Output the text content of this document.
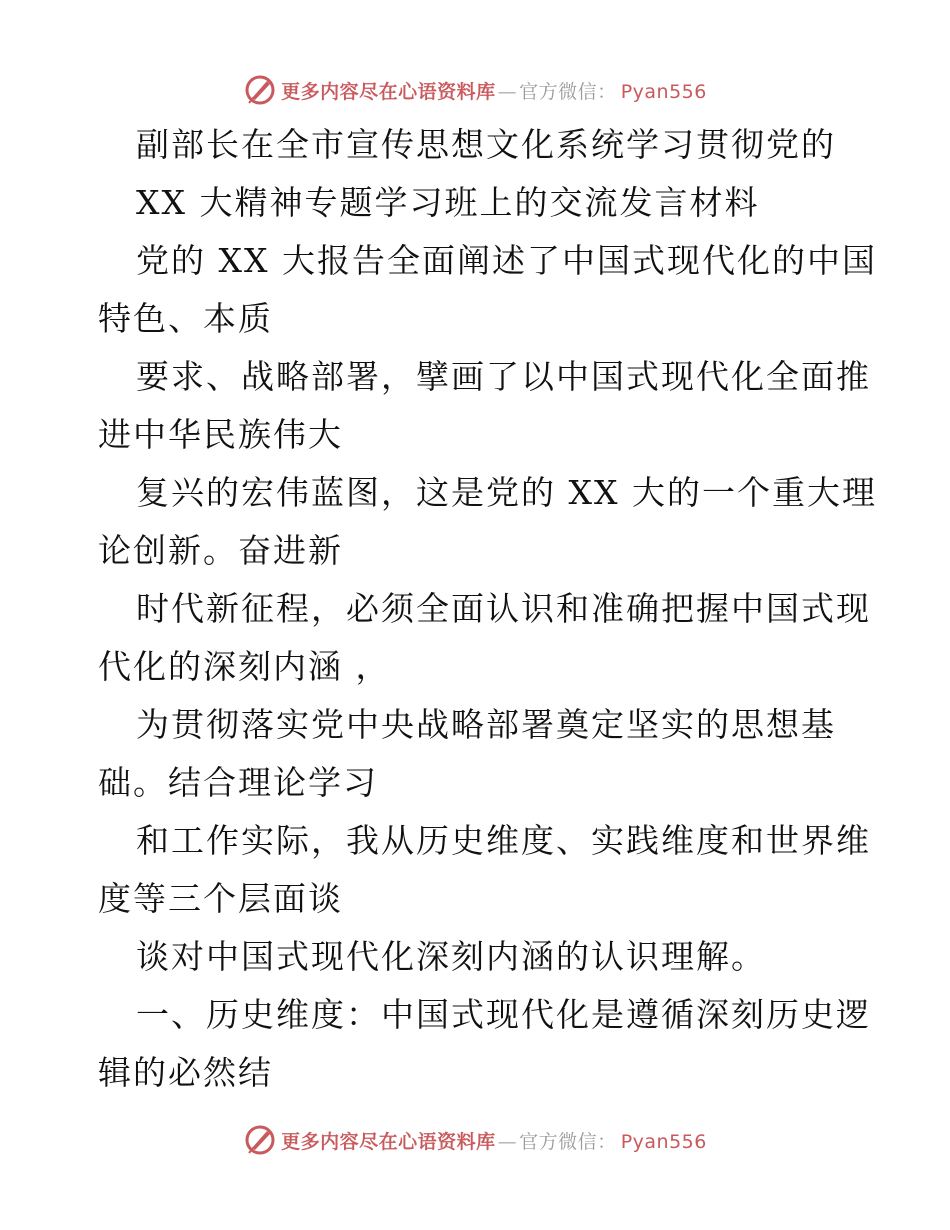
更多内容尽在心语资料库 — 官方微信： Pyan556
副部长在全市宣传思想文化系统学习贯彻党的
XX 大精神专题学习班上的交流发言材料
党的 XX 大报告全面阐述了中国式现代化的中国
特色、本质
要求、战略部署，擘画了以中国式现代化全面推
进中华民族伟大
复兴的宏伟蓝图，这是党的 XX 大的一个重大理
论创新。奋进新
时代新征程，必须全面认识和准确把握中国式现
代化的深刻内涵 ，
为贯彻落实党中央战略部署奠定坚实的思想基
础。结合理论学习
和工作实际，我从历史维度、实践维度和世界维
度等三个层面谈
谈对中国式现代化深刻内涵的认识理解。
一、历史维度：中国式现代化是遵循深刻历史逻
辑的必然结
更多内容尽在心语资料库 — 官方微信： Pyan556
